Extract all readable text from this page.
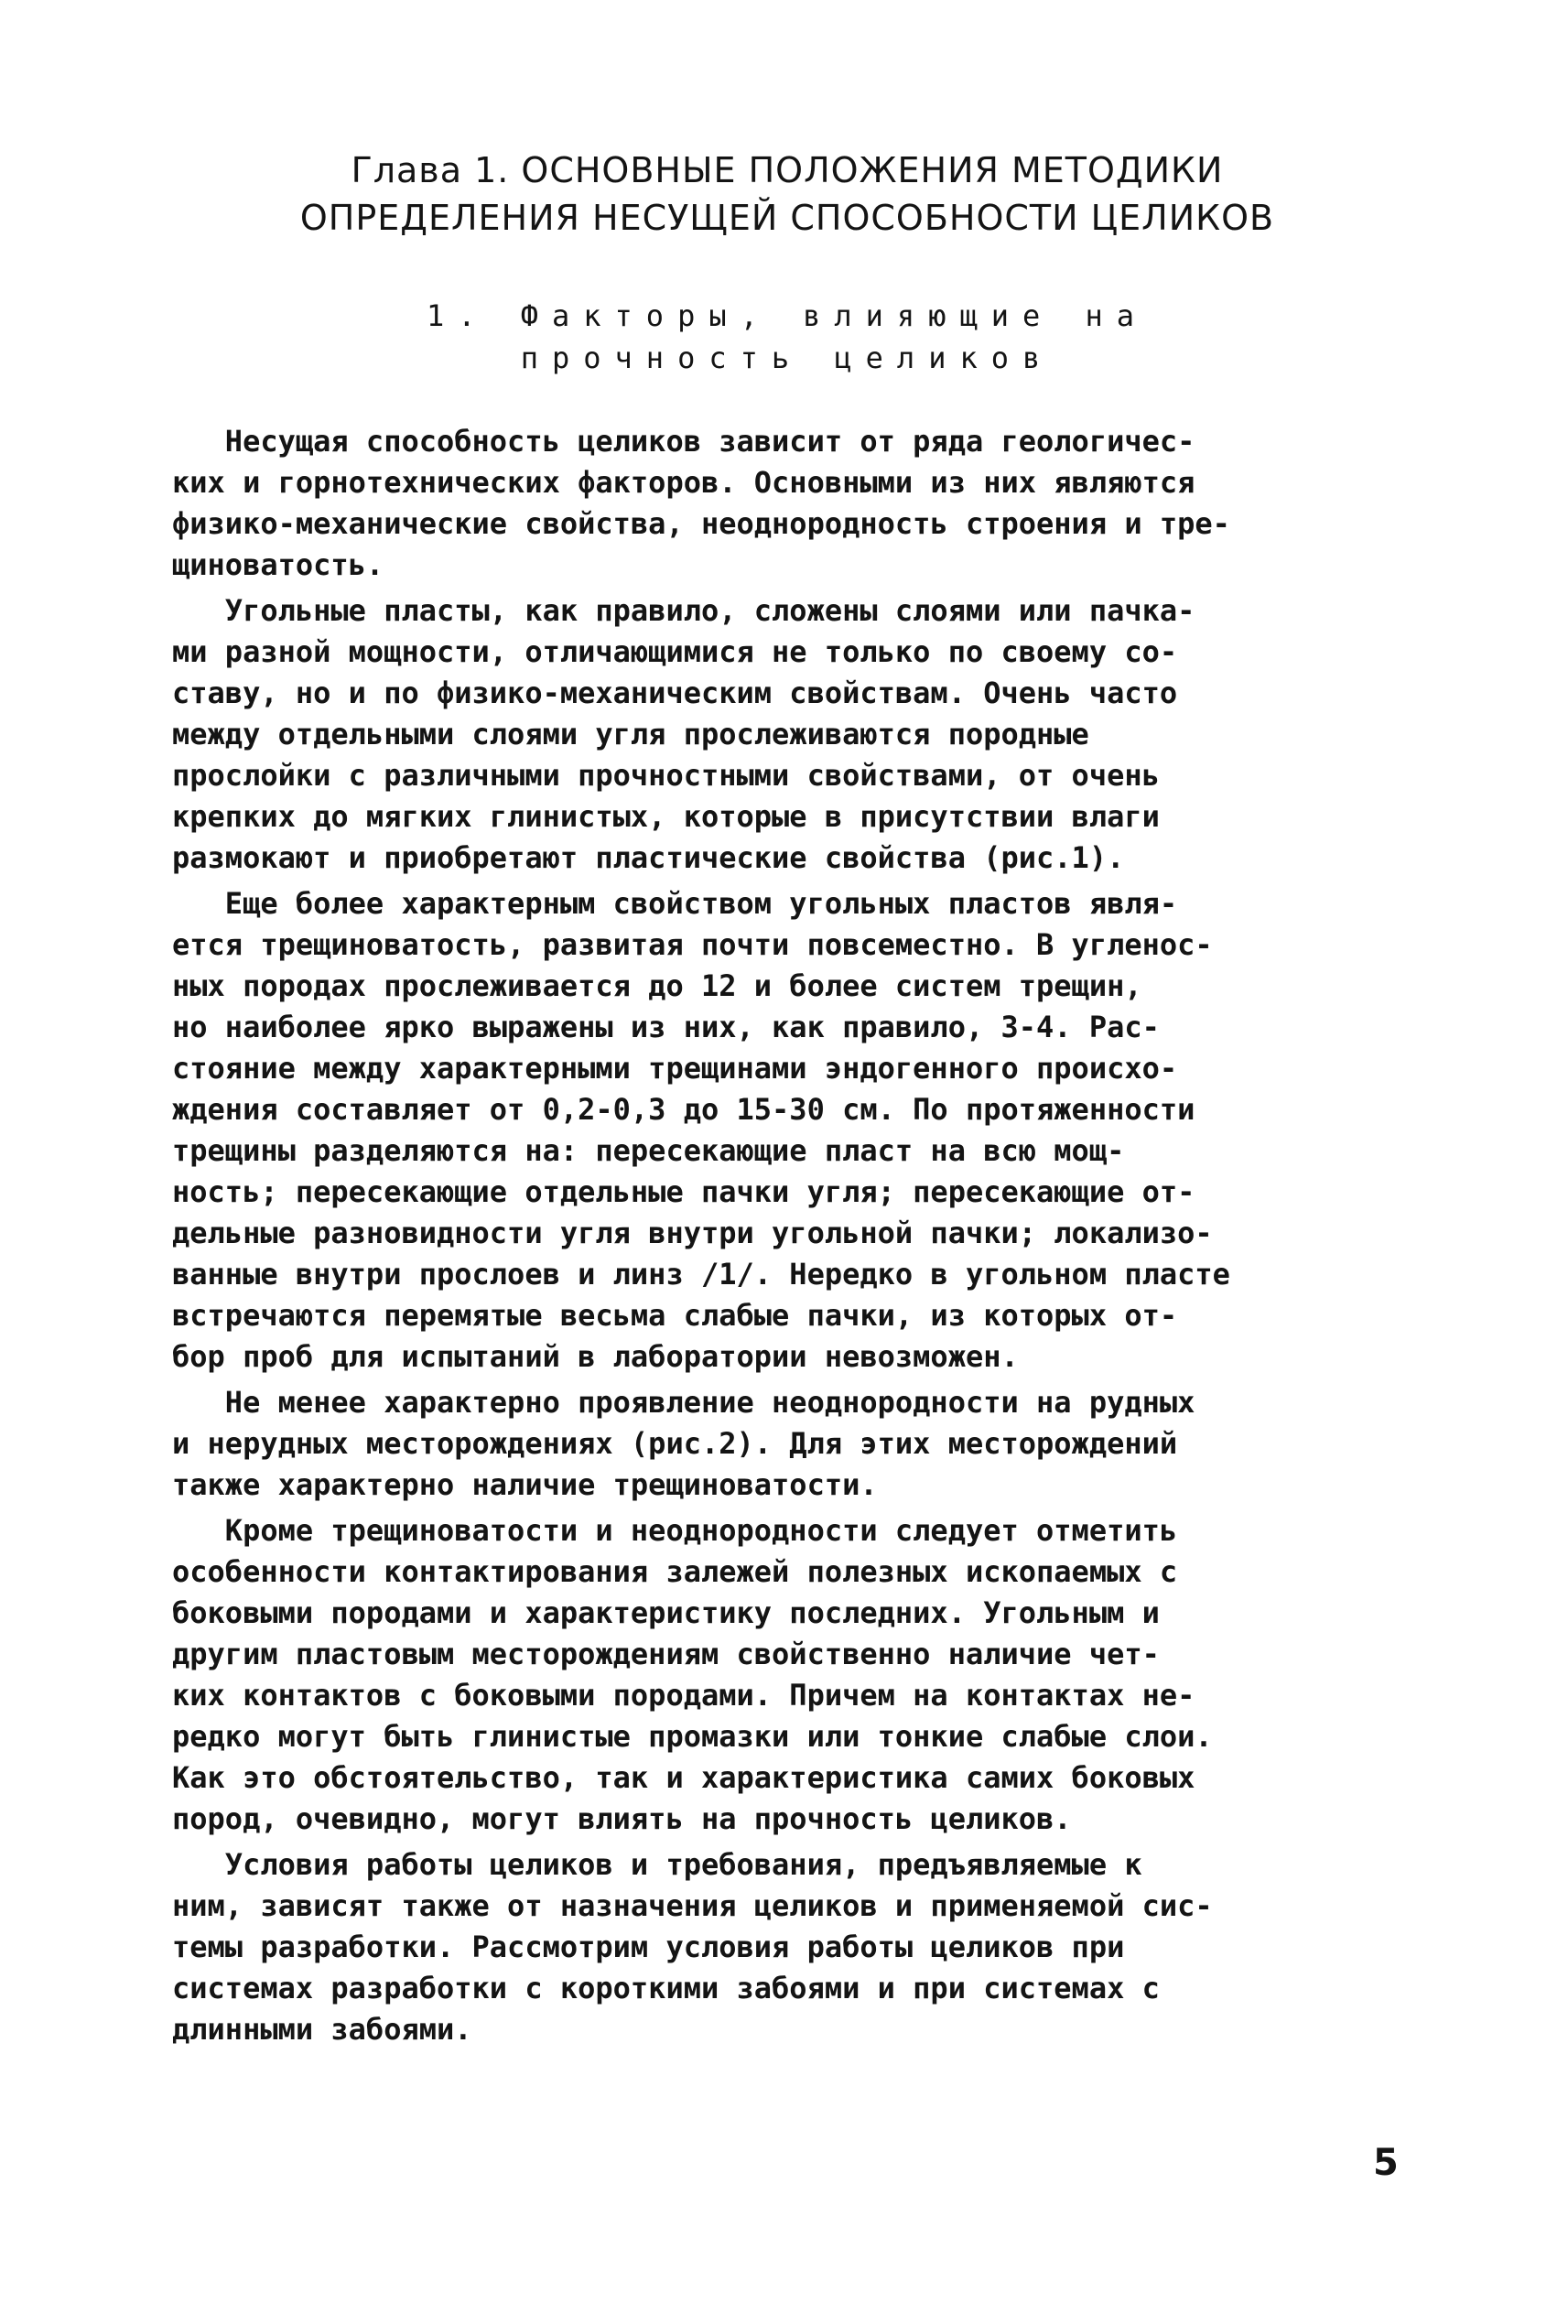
Глава 1. ОСНОВНЫЕ ПОЛОЖЕНИЯ МЕТОДИКИ
ОПРЕДЕЛЕНИЯ НЕСУЩЕЙ СПОСОБНОСТИ ЦЕЛИКОВ
1. Факторы, влияющие на
прочность целиков
Несущая способность целиков зависит от ряда геологичес-
ких и горнотехнических факторов. Основными из них являются
физико-механические свойства, неоднородность строения и тре-
щиноватость.
Угольные пласты, как правило, сложены слоями или пачка-
ми разной мощности, отличающимися не только по своему со-
ставу, но и по физико-механическим свойствам. Очень часто
между отдельными слоями угля прослеживаются породные
прослойки с различными прочностными свойствами, от очень
крепких до мягких глинистых, которые в присутствии влаги
размокают и приобретают пластические свойства (рис.1).
Еще более характерным свойством угольных пластов явля-
ется трещиноватость, развитая почти повсеместно. В угленос-
ных породах прослеживается до 12 и более систем трещин,
но наиболее ярко выражены из них, как правило, 3-4. Рас-
стояние между характерными трещинами эндогенного происхо-
ждения составляет от 0,2-0,3 до 15-30 см. По протяженности
трещины разделяются на: пересекающие пласт на всю мощ-
ность; пересекающие отдельные пачки угля; пересекающие от-
дельные разновидности угля внутри угольной пачки; локализо-
ванные внутри прослоев и линз /1/. Нередко в угольном пласте
встречаются перемятые весьма слабые пачки, из которых от-
бор проб для испытаний в лаборатории невозможен.
Не менее характерно проявление неоднородности на рудных
и нерудных месторождениях (рис.2). Для этих месторождений
также характерно наличие трещиноватости.
Кроме трещиноватости и неоднородности следует отметить
особенности контактирования залежей полезных ископаемых с
боковыми породами и характеристику последних. Угольным и
другим пластовым месторождениям свойственно наличие чет-
ких контактов с боковыми породами. Причем на контактах не-
редко могут быть глинистые промазки или тонкие слабые слои.
Как это обстоятельство, так и характеристика самих боковых
пород, очевидно, могут влиять на прочность целиков.
Условия работы целиков и требования, предъявляемые к
ним, зависят также от назначения целиков и применяемой сис-
темы разработки. Рассмотрим условия работы целиков при
системах разработки с короткими забоями и при системах с
длинными забоями.
5
